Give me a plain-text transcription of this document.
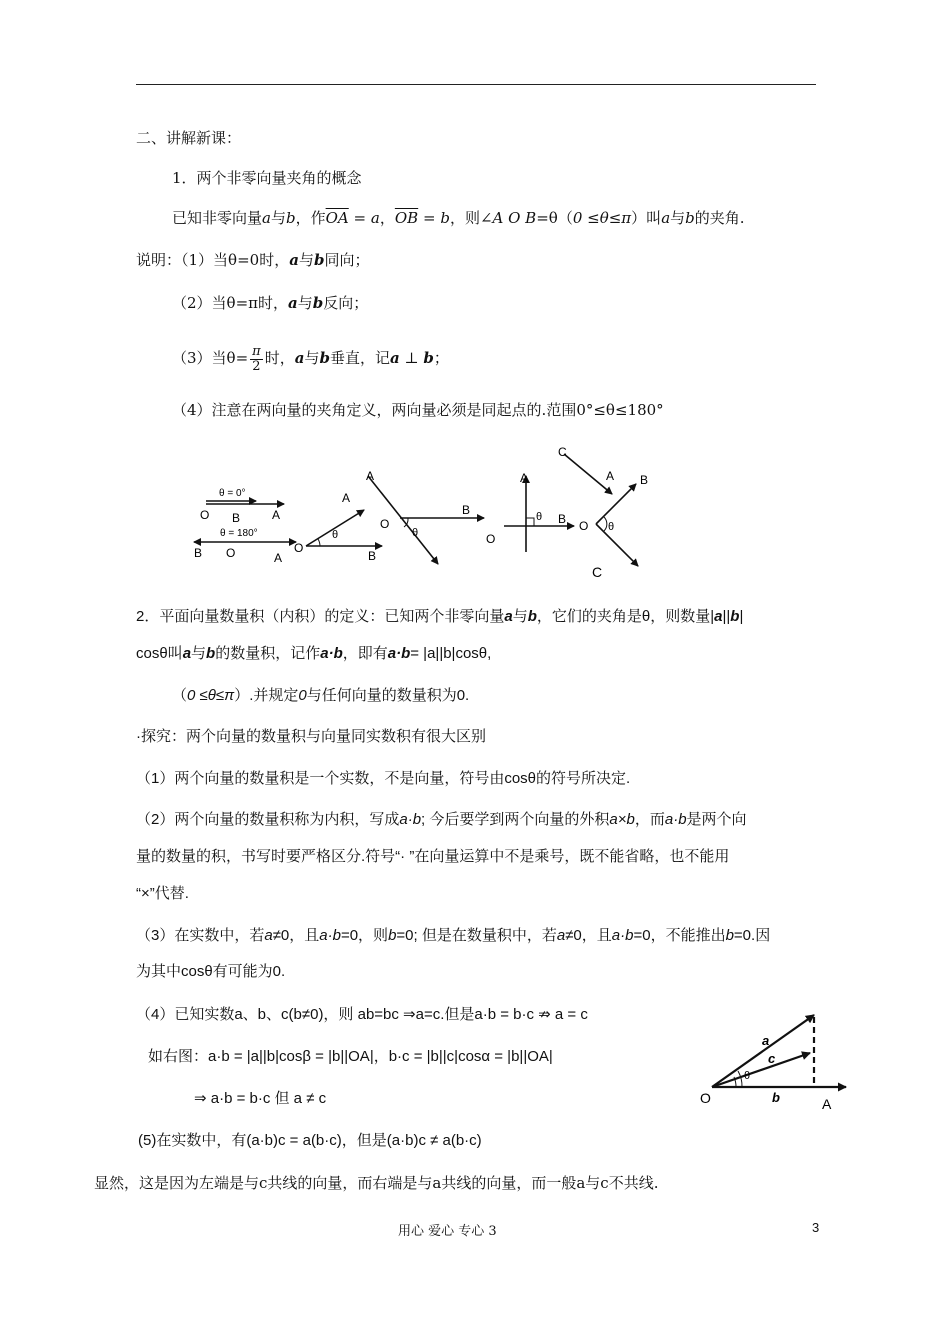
二、讲解新课：
1．两个非零向量夹角的概念
已知非零向量a与b，作$\overline{OA} = a$，$\overline{OB} = b$，则∠A O B=θ（0 ≤θ≤π）叫a与b的夹角.
说明：（1）当θ=0时，a与b同向；
（2）当θ=π时，a与b反向；
（3）当$\theta= \frac{\pi}{2}$ 时，a与b垂直，记a ⊥ b；
（4）注意在两向量的夹角定义，两向量必须是同起点的.范围0°≤θ≤180°
θ = 0°
O B	A
θ = 180°
B O	A
O
A
B
θ
A
O
B
θ
A
O
B
θ
C
A B
O θ
C
2．平面向量数量积（内积）的定义：已知两个非零向量a与b，它们的夹角是θ，则数量|a||b|
cosθ叫a与b的数量积，记作a·b，即有a·b= |a||b|cosθ,
（0 ≤θ≤π）.并规定0与任何向量的数量积为0.
·探究：两个向量的数量积与向量同实数积有很大区别
（1）两个向量的数量积是一个实数，不是向量，符号由cosθ的符号所决定.
（2）两个向量的数量积称为内积，写成a·b; 今后要学到两个向量的外积a×b，而a·b是两个向
量的数量的积，书写时要严格区分.符号“· ”在向量运算中不是乘号，既不能省略，也不能用
“×”代替.
（3）在实数中，若a≠0，且a·b=0，则b=0; 但是在数量积中，若a≠0，且a·b=0，不能推出b=0.因
为其中cosθ有可能为0.
（4）已知实数a、b、c(b≠0)，则 ab=bc ⇒a=c.但是a·b = b·c ⇏ a = c
如右图：a·b = |a||b|cosβ = |b||OA|，b·c = |b||c|cosα = |b||OA|
⇒ a·b = b·c 但 a ≠ c
a
c
θ
b
O	A
(5)在实数中，有(a·b)c = a(b·c)，但是(a·b)c ≠ a(b·c)
显然，这是因为左端是与c共线的向量，而右端是与a共线的向量，而一般a与c不共线.
用心 爱心 专心 3	3
